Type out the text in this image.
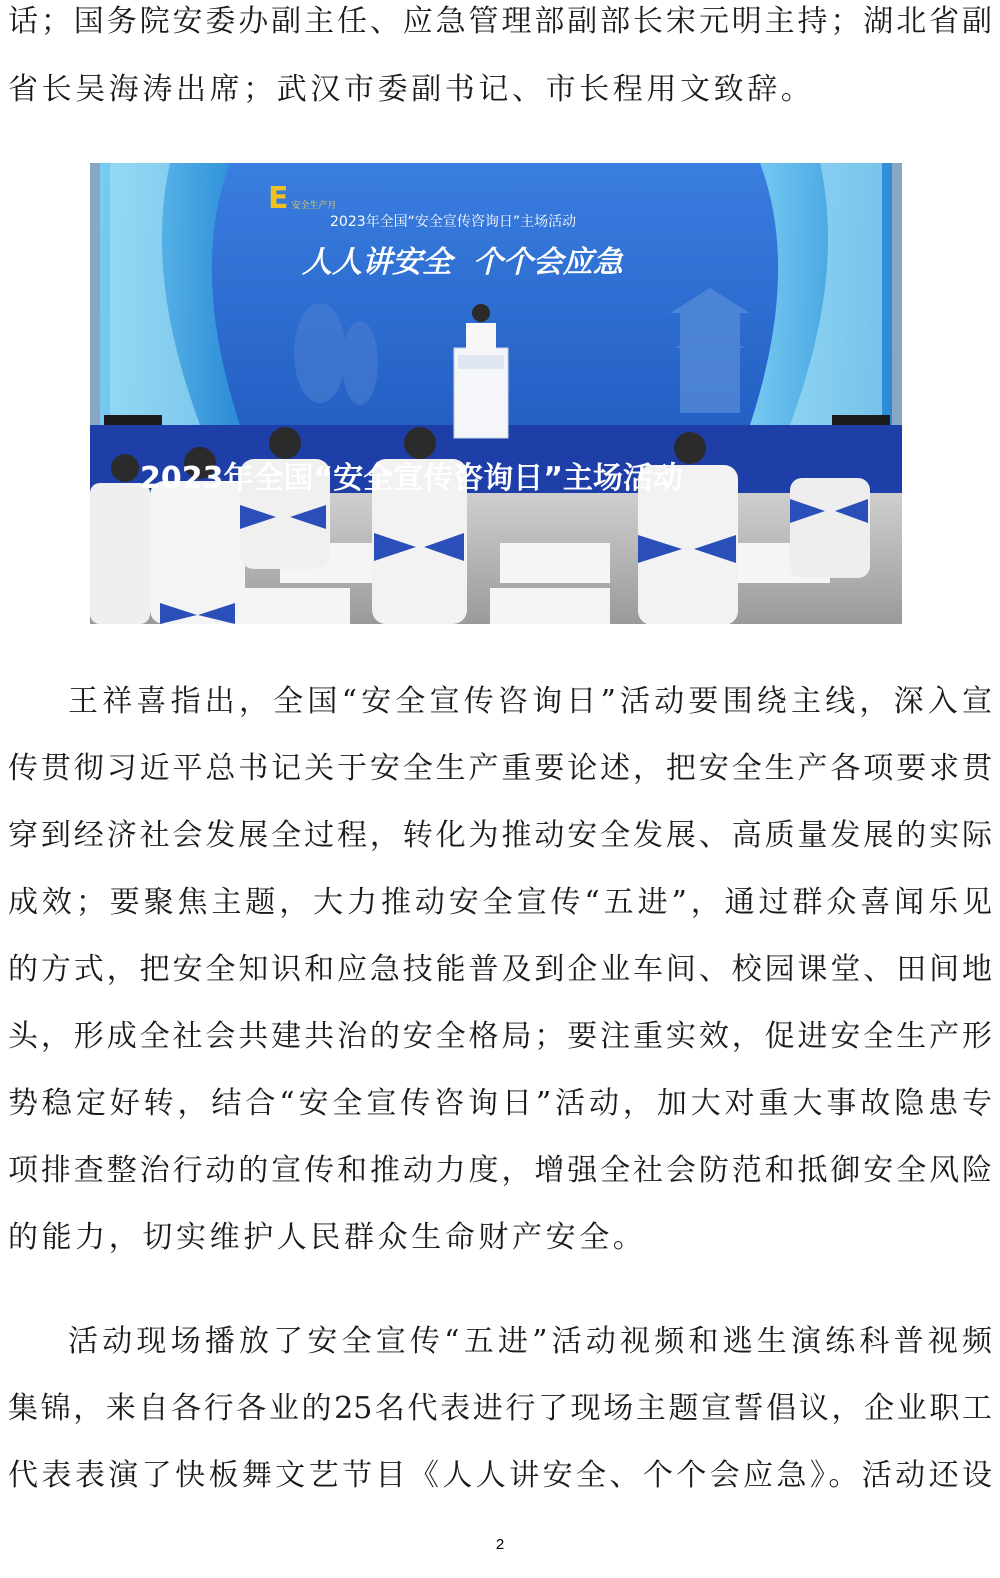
话；国务院安委办副主任、应急管理部副部长宋元明主持；湖北省副
省长吴海涛出席；武汉市委副书记、市长程用文致辞。
E 安全生产月
2023年全国“安全宣传咨询日”主场活动
人人讲安全  个个会应急
2023年全国“安全宣传咨询日”主场活动
王祥喜指出，全国“安全宣传咨询日”活动要围绕主线，深入宣
传贯彻习近平总书记关于安全生产重要论述，把安全生产各项要求贯
穿到经济社会发展全过程，转化为推动安全发展、高质量发展的实际
成效；要聚焦主题，大力推动安全宣传“五进”，通过群众喜闻乐见
的方式，把安全知识和应急技能普及到企业车间、校园课堂、田间地
头，形成全社会共建共治的安全格局；要注重实效，促进安全生产形
势稳定好转，结合“安全宣传咨询日”活动，加大对重大事故隐患专
项排查整治行动的宣传和推动力度，增强全社会防范和抵御安全风险
的能力，切实维护人民群众生命财产安全。
活动现场播放了安全宣传“五进”活动视频和逃生演练科普视频
集锦，来自各行各业的25名代表进行了现场主题宣誓倡议，企业职工
代表表演了快板舞文艺节目《人人讲安全、个个会应急》。活动还设
2
